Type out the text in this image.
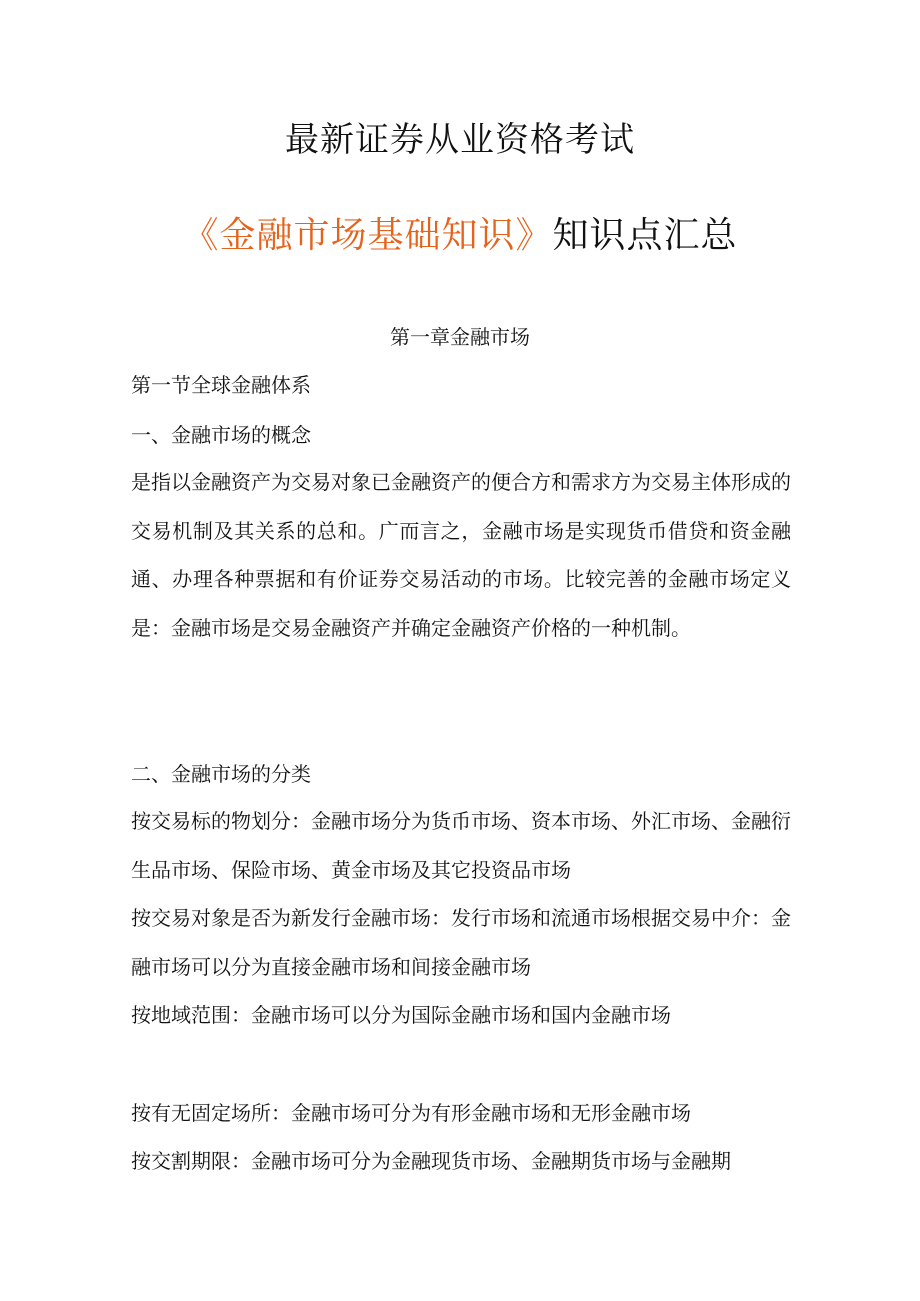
最新证券从业资格考试
《金融市场基础知识》知识点汇总
第一章金融市场
第一节全球金融体系
一、金融市场的概念
是指以金融资产为交易对象已金融资产的便合方和需求方为交易主体形成的交易机制及其关系的总和。广而言之，金融市场是实现货币借贷和资金融通、办理各种票据和有价证券交易活动的市场。比较完善的金融市场定义是：金融市场是交易金融资产并确定金融资产价格的一种机制。
二、金融市场的分类
按交易标的物划分：金融市场分为货币市场、资本市场、外汇市场、金融衍生品市场、保险市场、黄金市场及其它投资品市场
按交易对象是否为新发行金融市场：发行市场和流通市场根据交易中介：金融市场可以分为直接金融市场和间接金融市场
按地域范围：金融市场可以分为国际金融市场和国内金融市场
按有无固定场所：金融市场可分为有形金融市场和无形金融市场
按交割期限：金融市场可分为金融现货市场、金融期货市场与金融期
